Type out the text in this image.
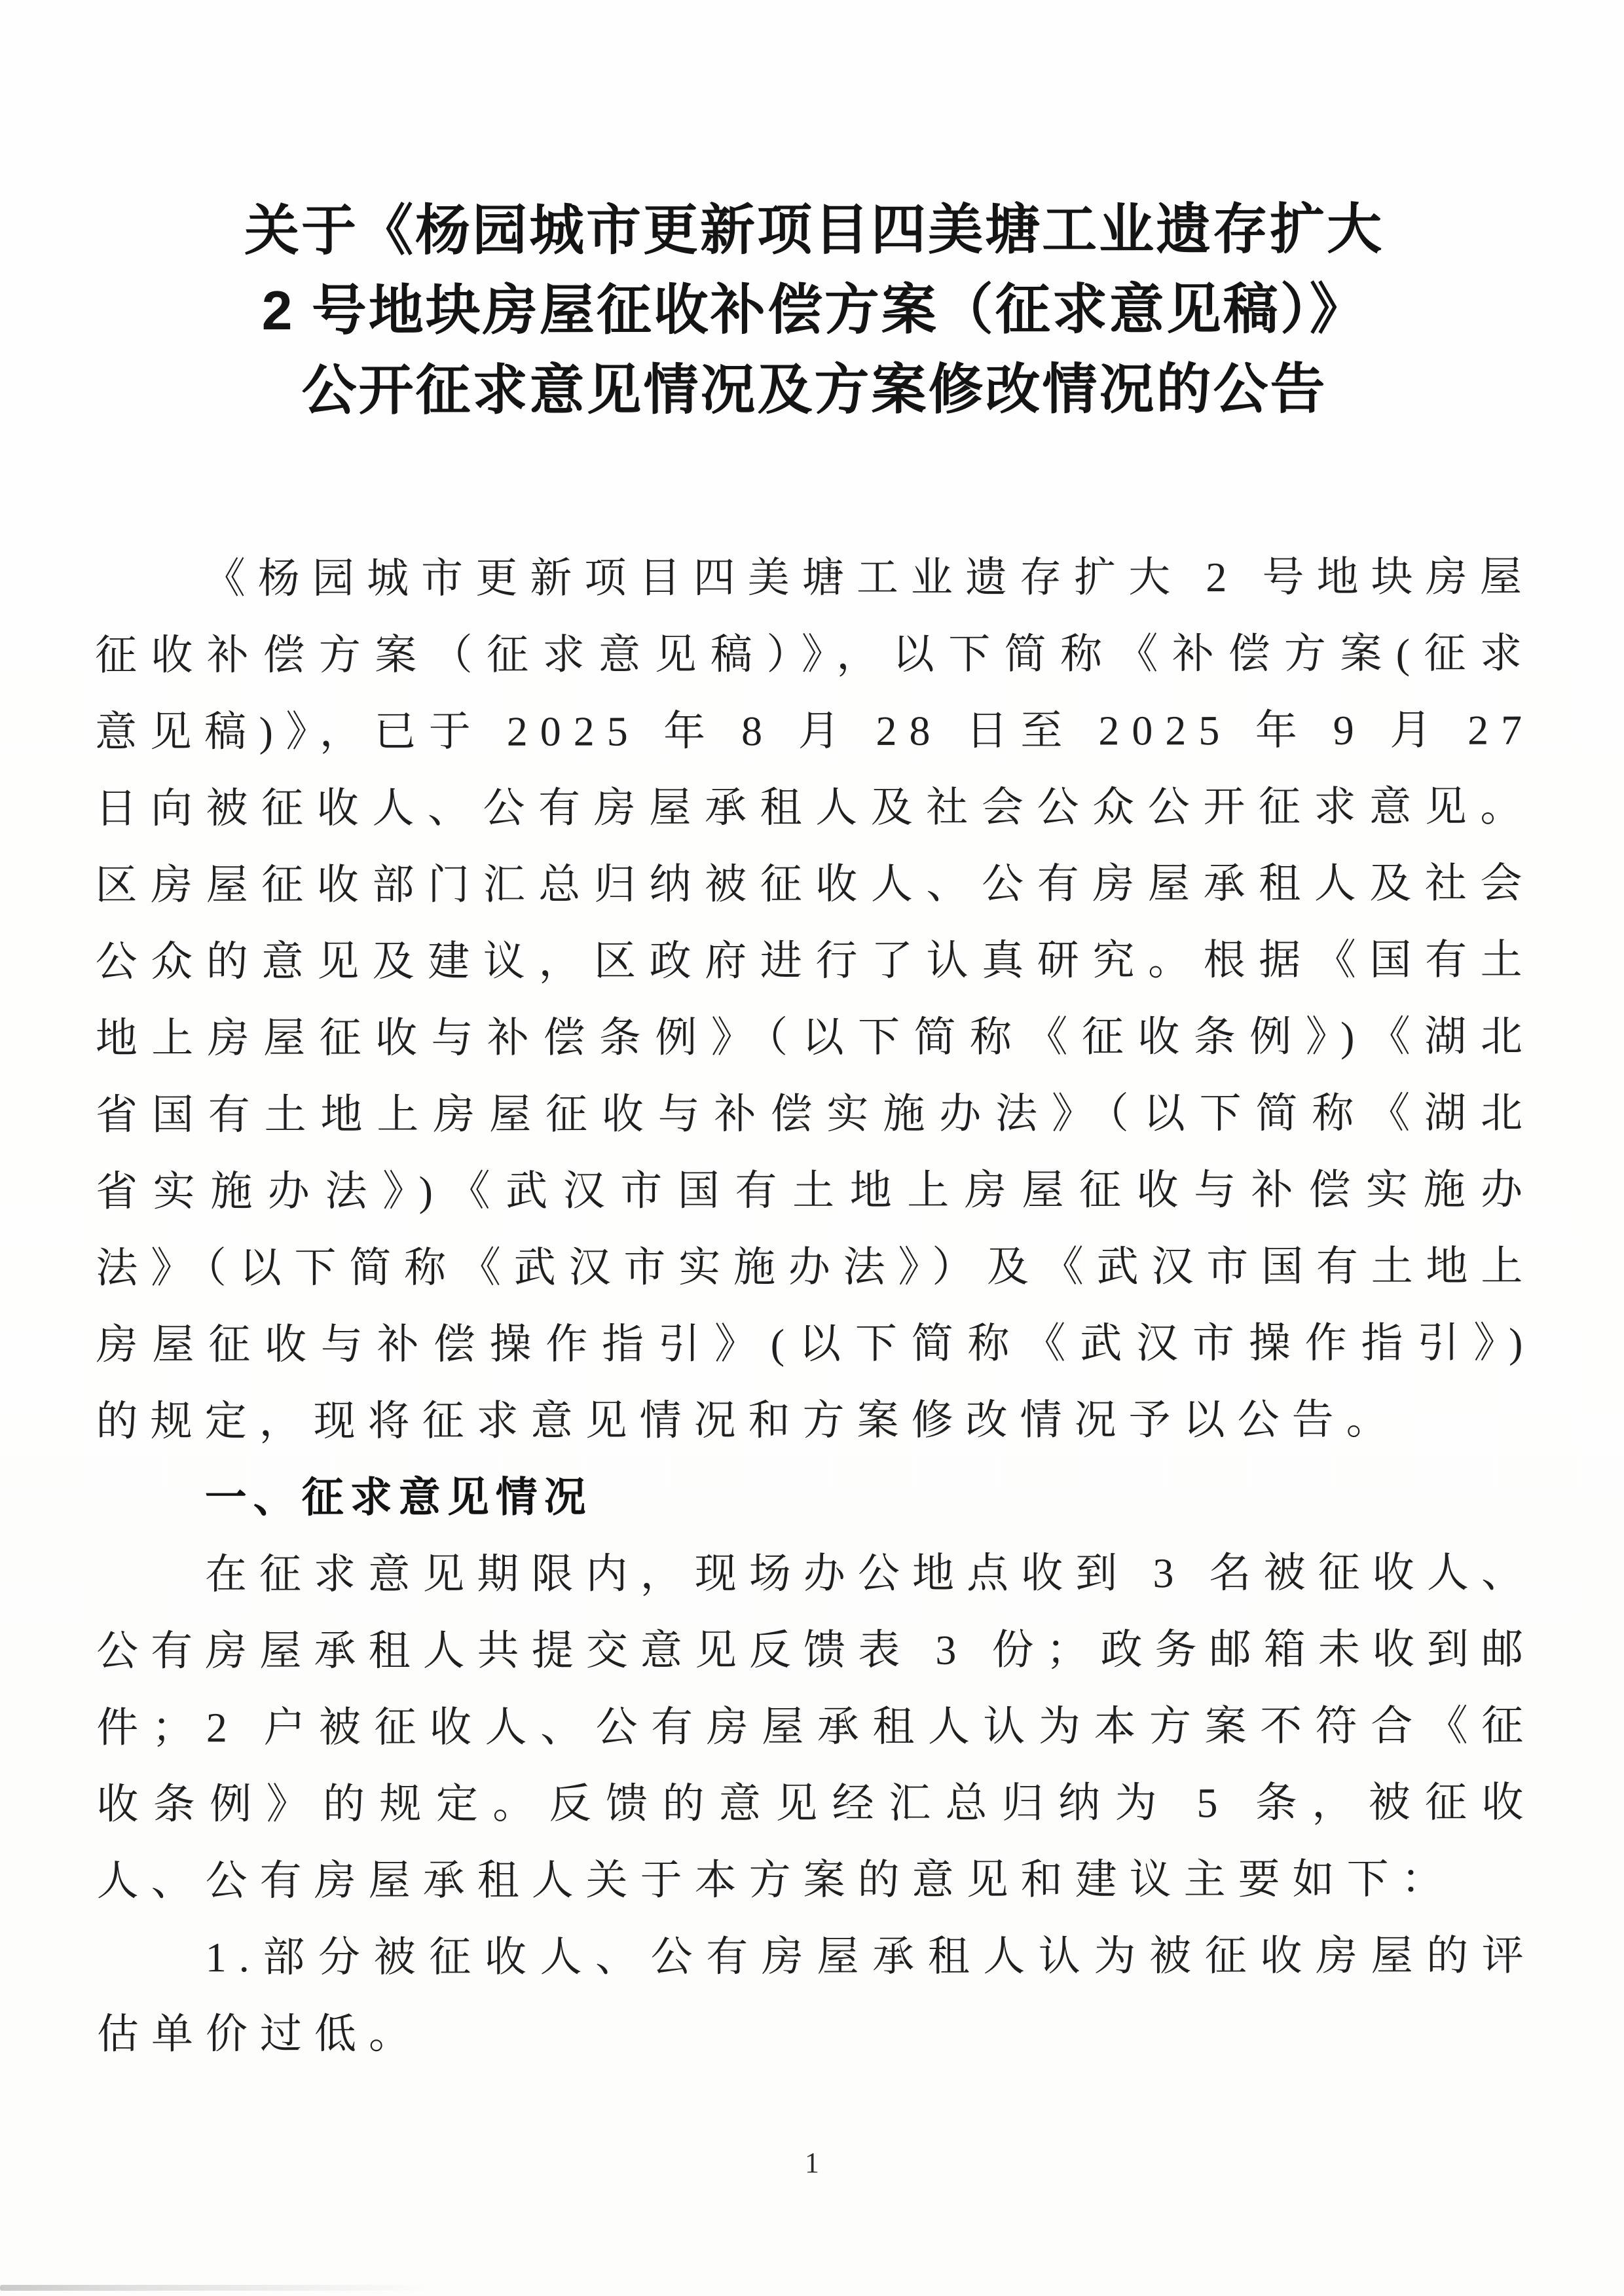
关于《杨园城市更新项目四美塘工业遗存扩大
2 号地块房屋征收补偿方案（征求意见稿）》
公开征求意见情况及方案修改情况的公告

《杨园城市更新项目四美塘工业遗存扩大 2 号地块房屋征收补偿方案（征求意见稿）》，以下简称《补偿方案(征求意见稿)》，已于 2025 年 8 月 28 日至 2025 年 9 月 27 日向被征收人、公有房屋承租人及社会公众公开征求意见。区房屋征收部门汇总归纳被征收人、公有房屋承租人及社会公众的意见及建议，区政府进行了认真研究。根据《国有土地上房屋征收与补偿条例》（以下简称《征收条例》)《湖北省国有土地上房屋征收与补偿实施办法》（以下简称《湖北省实施办法》)《武汉市国有土地上房屋征收与补偿实施办法》（以下简称《武汉市实施办法》）及《武汉市国有土地上房屋征收与补偿操作指引》(以下简称《武汉市操作指引》)的规定，现将征求意见情况和方案修改情况予以公告。

一、征求意见情况

在征求意见期限内，现场办公地点收到 3 名被征收人、公有房屋承租人共提交意见反馈表 3 份；政务邮箱未收到邮件；2 户被征收人、公有房屋承租人认为本方案不符合《征收条例》的规定。反馈的意见经汇总归纳为 5 条，被征收人、公有房屋承租人关于本方案的意见和建议主要如下：

1.部分被征收人、公有房屋承租人认为被征收房屋的评估单价过低。

1
